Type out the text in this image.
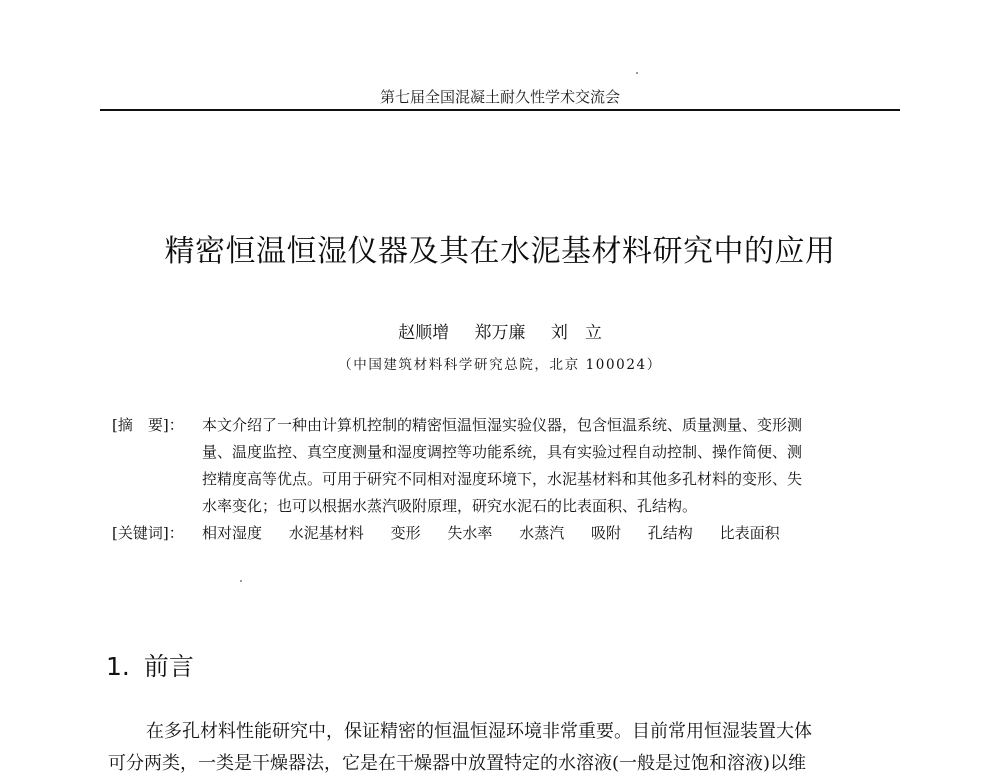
第七届全国混凝土耐久性学术交流会
精密恒温恒湿仪器及其在水泥基材料研究中的应用
赵顺增 郑万廉 刘　立
（中国建筑材料科学研究总院，北京 100024）
[摘　要]：	本文介绍了一种由计算机控制的精密恒温恒湿实验仪器，包含恒温系统、质量测量、变形测
量、温度监控、真空度测量和湿度调控等功能系统，具有实验过程自动控制、操作简便、测
控精度高等优点。可用于研究不同相对湿度环境下，水泥基材料和其他多孔材料的变形、失
水率变化；也可以根据水蒸汽吸附原理，研究水泥石的比表面积、孔结构。
[关键词]：	相对湿度 水泥基材料 变形 失水率 水蒸汽 吸附 孔结构 比表面积
1. 前言
在多孔材料性能研究中，保证精密的恒温恒湿环境非常重要。目前常用恒湿装置大体
可分两类，一类是干燥器法，它是在干燥器中放置特定的水溶液(一般是过饱和溶液)以维
